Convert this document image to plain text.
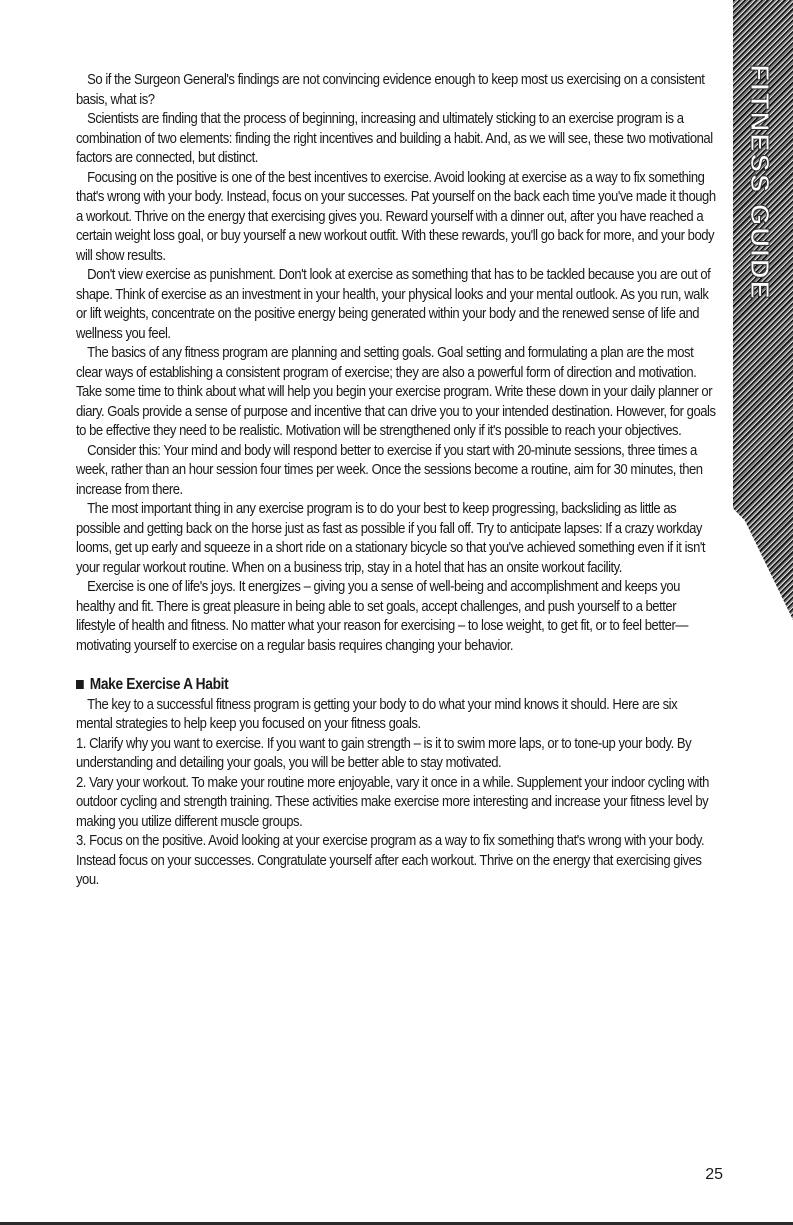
FITNESS GUIDE

So if the Surgeon General's findings are not convincing evidence enough to keep most us exercising on a consistent basis, what is?

Scientists are finding that the process of beginning, increasing and ultimately sticking to an exercise program is a combination of two elements: finding the right incentives and building a habit. And, as we will see, these two motivational factors are connected, but distinct.

Focusing on the positive is one of the best incentives to exercise. Avoid looking at exercise as a way to fix something that's wrong with your body. Instead, focus on your successes. Pat yourself on the back each time you've made it though a workout. Thrive on the energy that exercising gives you. Reward yourself with a dinner out, after you have reached a certain weight loss goal, or buy yourself a new workout outfit. With these rewards, you'll go back for more, and your body will show results.

Don't view exercise as punishment. Don't look at exercise as something that has to be tackled because you are out of shape. Think of exercise as an investment in your health, your physical looks and your mental outlook. As you run, walk or lift weights, concentrate on the positive energy being generated within your body and the renewed sense of life and wellness you feel.

The basics of any fitness program are planning and setting goals. Goal setting and formulating a plan are the most clear ways of establishing a consistent program of exercise; they are also a powerful form of direction and motivation. Take some time to think about what will help you begin your exercise program. Write these down in your daily planner or diary. Goals provide a sense of purpose and incentive that can drive you to your intended destination. However, for goals to be effective they need to be realistic. Motivation will be strengthened only if it's possible to reach your objectives.

Consider this: Your mind and body will respond better to exercise if you start with 20-minute sessions, three times a week, rather than an hour session four times per week. Once the sessions become a routine, aim for 30 minutes, then increase from there.

The most important thing in any exercise program is to do your best to keep progressing, backsliding as little as possible and getting back on the horse just as fast as possible if you fall off. Try to anticipate lapses: If a crazy workday looms, get up early and squeeze in a short ride on a stationary bicycle so that you've achieved something even if it isn't your regular workout routine. When on a business trip, stay in a hotel that has an onsite workout facility.

Exercise is one of life's joys. It energizes – giving you a sense of well-being and accomplishment and keeps you healthy and fit. There is great pleasure in being able to set goals, accept challenges, and push yourself to a better lifestyle of health and fitness. No matter what your reason for exercising – to lose weight, to get fit, or to feel better— motivating yourself to exercise on a regular basis requires changing your behavior.

Make Exercise A Habit

The key to a successful fitness program is getting your body to do what your mind knows it should. Here are six mental strategies to help keep you focused on your fitness goals.

1. Clarify why you want to exercise. If you want to gain strength – is it to swim more laps, or to tone-up your body. By understanding and detailing your goals, you will be better able to stay motivated.

2. Vary your workout. To make your routine more enjoyable, vary it once in a while. Supplement your indoor cycling with outdoor cycling and strength training. These activities make exercise more interesting and increase your fitness level by making you utilize different muscle groups.

3. Focus on the positive. Avoid looking at your exercise program as a way to fix something that's wrong with your body. Instead focus on your successes. Congratulate yourself after each workout. Thrive on the energy that exercising gives you.

25
